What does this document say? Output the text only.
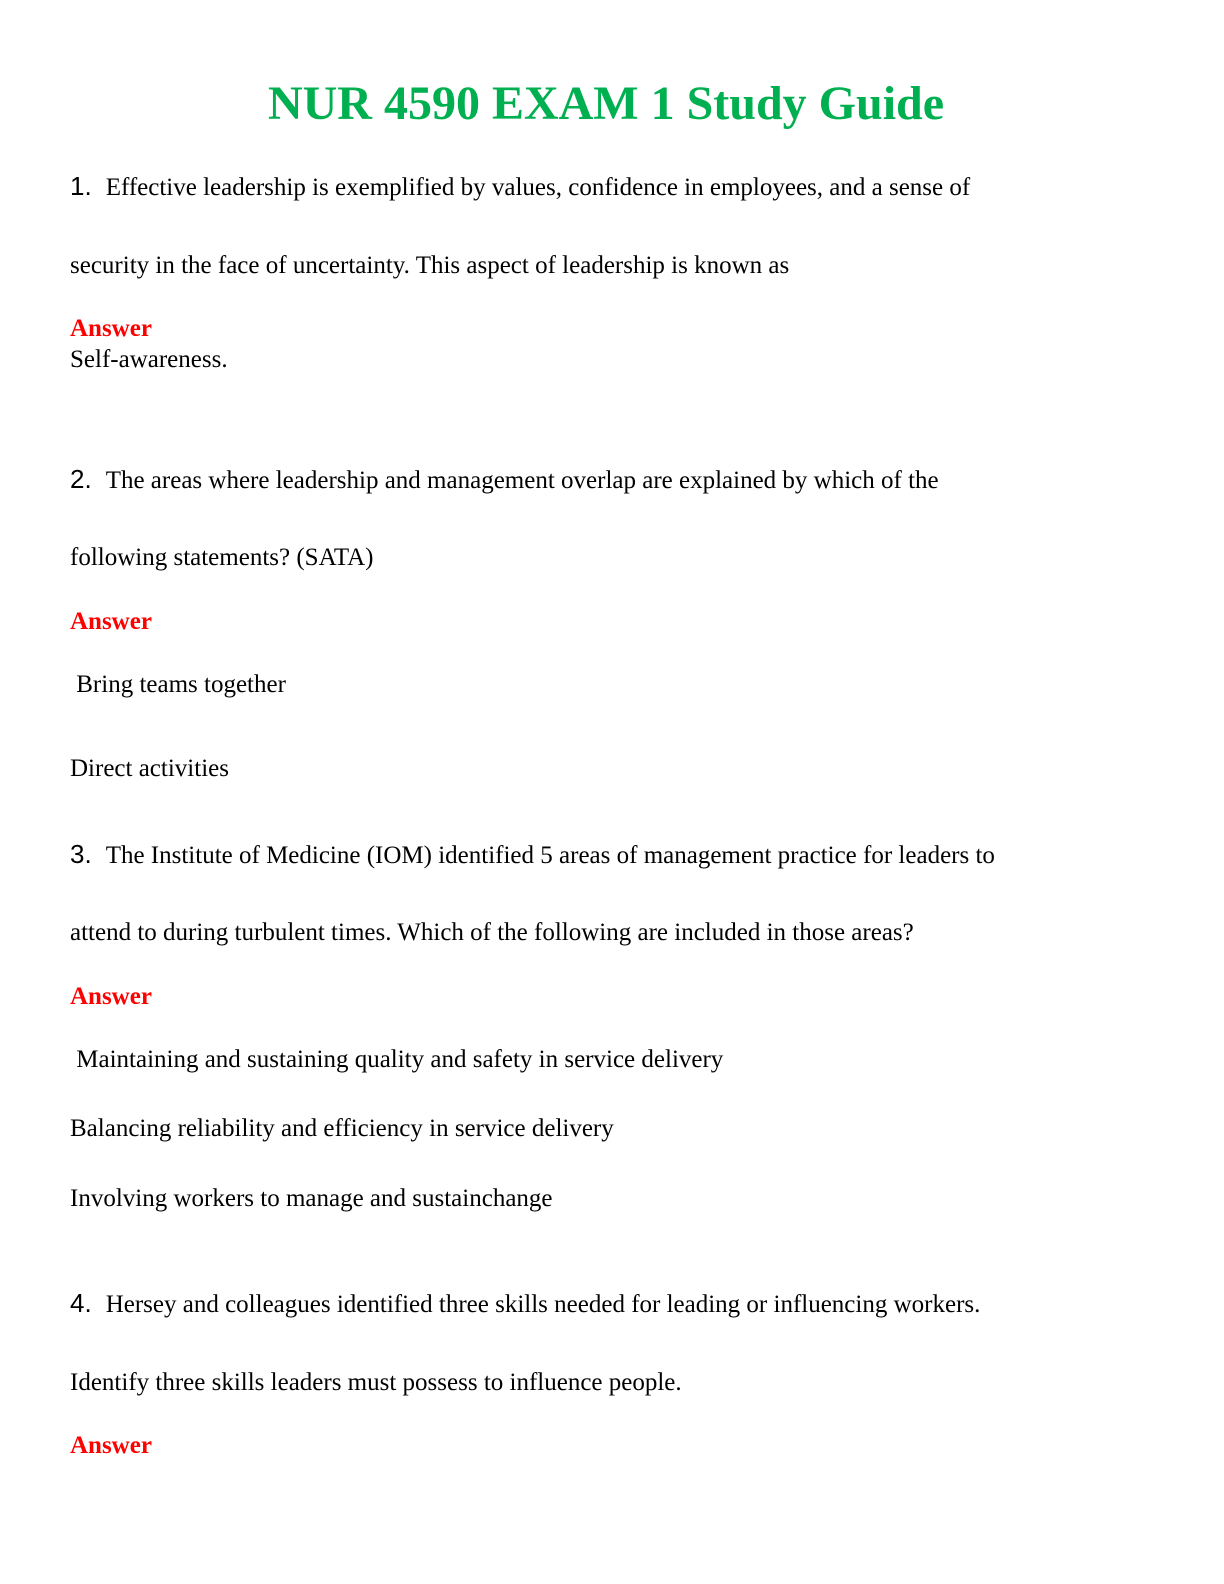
NUR 4590 EXAM 1 Study Guide
1. Effective leadership is exemplified by values, confidence in employees, and a sense of
security in the face of uncertainty. This aspect of leadership is known as
Answer
Self-awareness.
2. The areas where leadership and management overlap are explained by which of the
following statements? (SATA)
Answer
Bring teams together
Direct activities
3. The Institute of Medicine (IOM) identified 5 areas of management practice for leaders to
attend to during turbulent times. Which of the following are included in those areas?
Answer
Maintaining and sustaining quality and safety in service delivery
Balancing reliability and efficiency in service delivery
Involving workers to manage and sustainchange
4. Hersey and colleagues identified three skills needed for leading or influencing workers.
Identify three skills leaders must possess to influence people.
Answer
